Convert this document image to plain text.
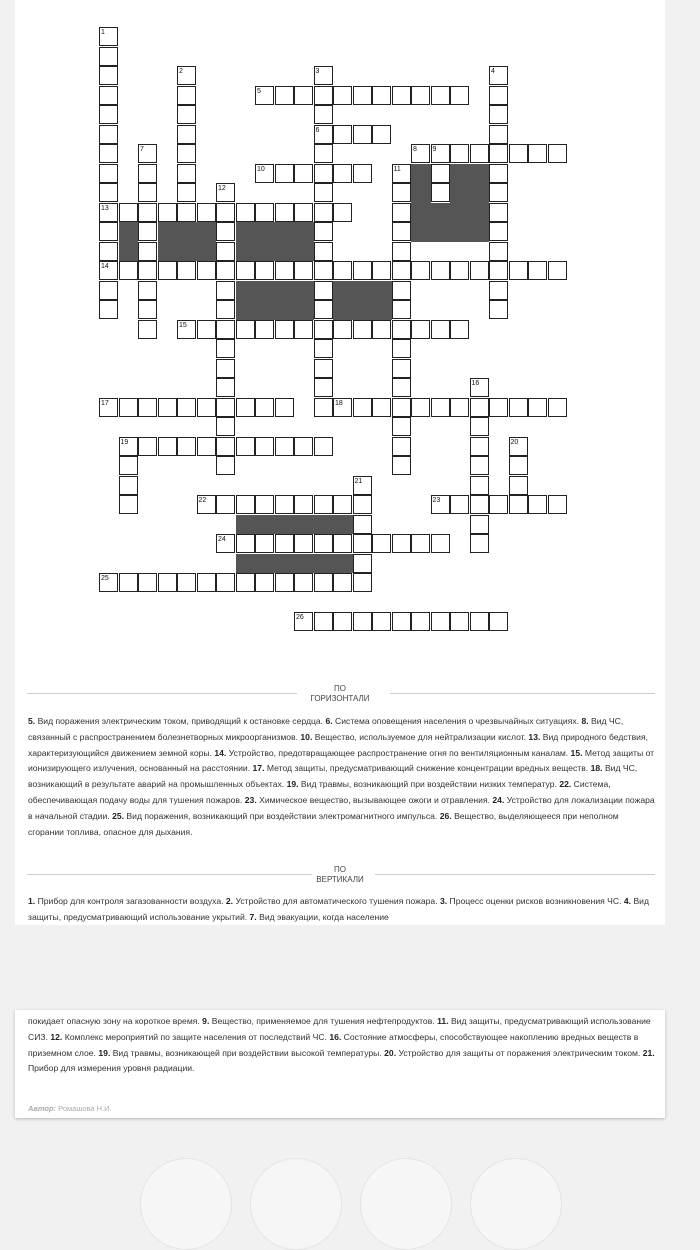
1
2	3	4
5
6
7	8 9
10	11
12
13
14
15
16
17	18
19	20
21
22	23
24
25
26
ПО
ГОРИЗОНТАЛИ
5. Вид поражения электрическим током, приводящий к остановке сердца. 6. Система оповещения населения о чрезвычайных ситуациях. 8. Вид ЧС, связанный с распространением болезнетворных микроорганизмов. 10. Вещество, используемое для нейтрализации кислот. 13. Вид природного бедствия, характеризующийся движением земной коры. 14. Устройство, предотвращающее распространение огня по вентиляционным каналам. 15. Метод защиты от ионизирующего излучения, основанный на расстоянии. 17. Метод защиты, предусматривающий снижение концентрации вредных веществ. 18. Вид ЧС, возникающий в результате аварий на промышленных объектах. 19. Вид травмы, возникающий при воздействии низких температур. 22. Система, обеспечивающая подачу воды для тушения пожаров. 23. Химическое вещество, вызывающее ожоги и отравления. 24. Устройство для локализации пожара в начальной стадии. 25. Вид поражения, возникающий при воздействии электромагнитного импульса. 26. Вещество, выделяющееся при неполном сгорании топлива, опасное для дыхания.
ПО
ВЕРТИКАЛИ
1. Прибор для контроля загазованности воздуха. 2. Устройство для автоматического тушения пожара. 3. Процесс оценки рисков возникновения ЧС. 4. Вид защиты, предусматривающий использование укрытий. 7. Вид эвакуации, когда население
покидает опасную зону на короткое время. 9. Вещество, применяемое для тушения нефтепродуктов. 11. Вид защиты, предусматривающий использование СИЗ. 12. Комплекс мероприятий по защите населения от последствий ЧС. 16. Состояние атмосферы, способствующее накоплению вредных веществ в приземном слое. 19. Вид травмы, возникающей при воздействии высокой температуры. 20. Устройство для защиты от поражения электрическим током. 21. Прибор для измерения уровня радиации.
Автор: Ромашова Н.И.
